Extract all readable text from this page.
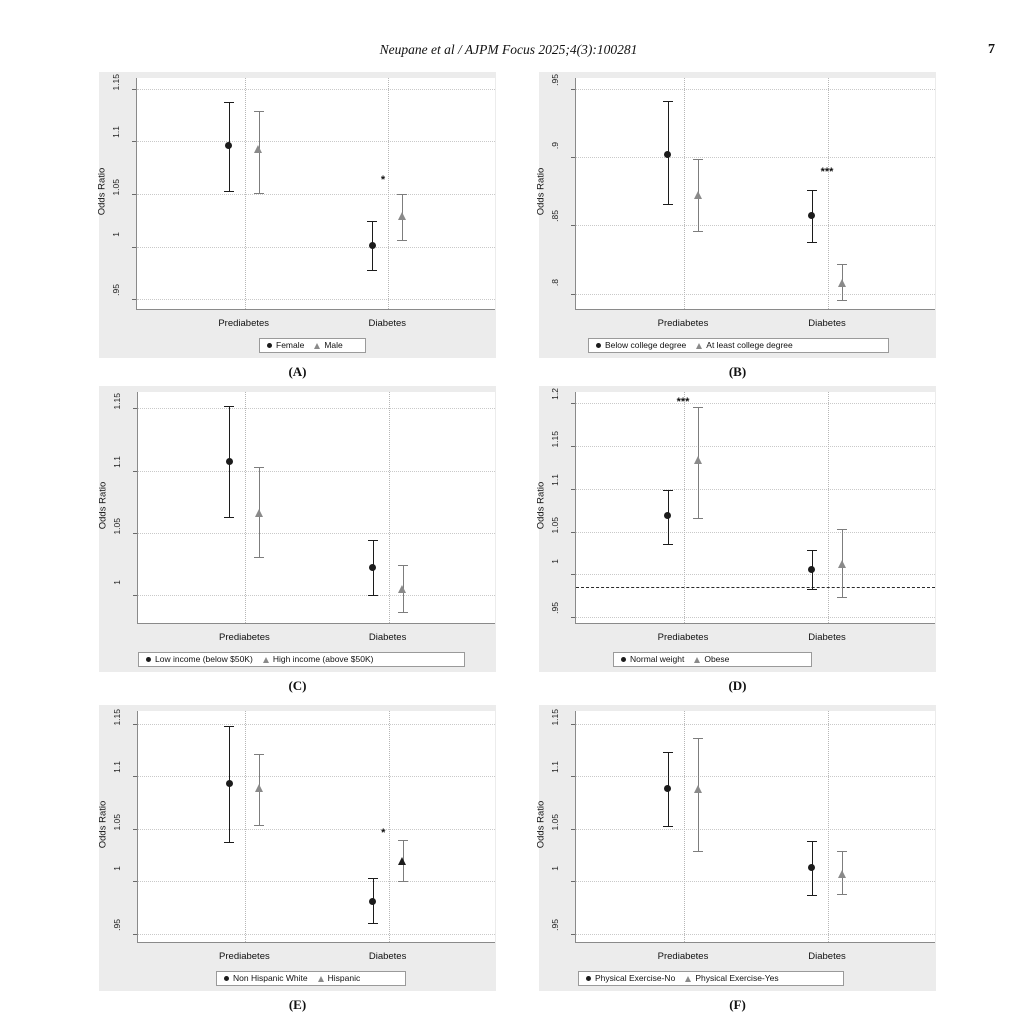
Neupane et al / AJPM Focus 2025;4(3):100281	7
1.15
1.1
1.05
1
.95
Odds Ratio
Prediabetes	Diabetes
*
Female Male
(A)
.95
.9
.85
.8
Odds Ratio
Prediabetes	Diabetes
***
Below college degree At least college degree
(B)
1.15
1.1
1.05
1
Odds Ratio
Prediabetes	Diabetes
Low income (below $50K) High income (above $50K)
(C)
1.2
1.15
1.1
1.05
1
.95
Odds Ratio
Prediabetes	Diabetes
***
Normal weight Obese
(D)
1.15
1.1
1.05
1
.95
Odds Ratio
Prediabetes	Diabetes
*
Non Hispanic White Hispanic
(E)
1.15
1.1
1.05
1
.95
Odds Ratio
Prediabetes	Diabetes
Physical Exercise-No Physical Exercise-Yes
(F)
